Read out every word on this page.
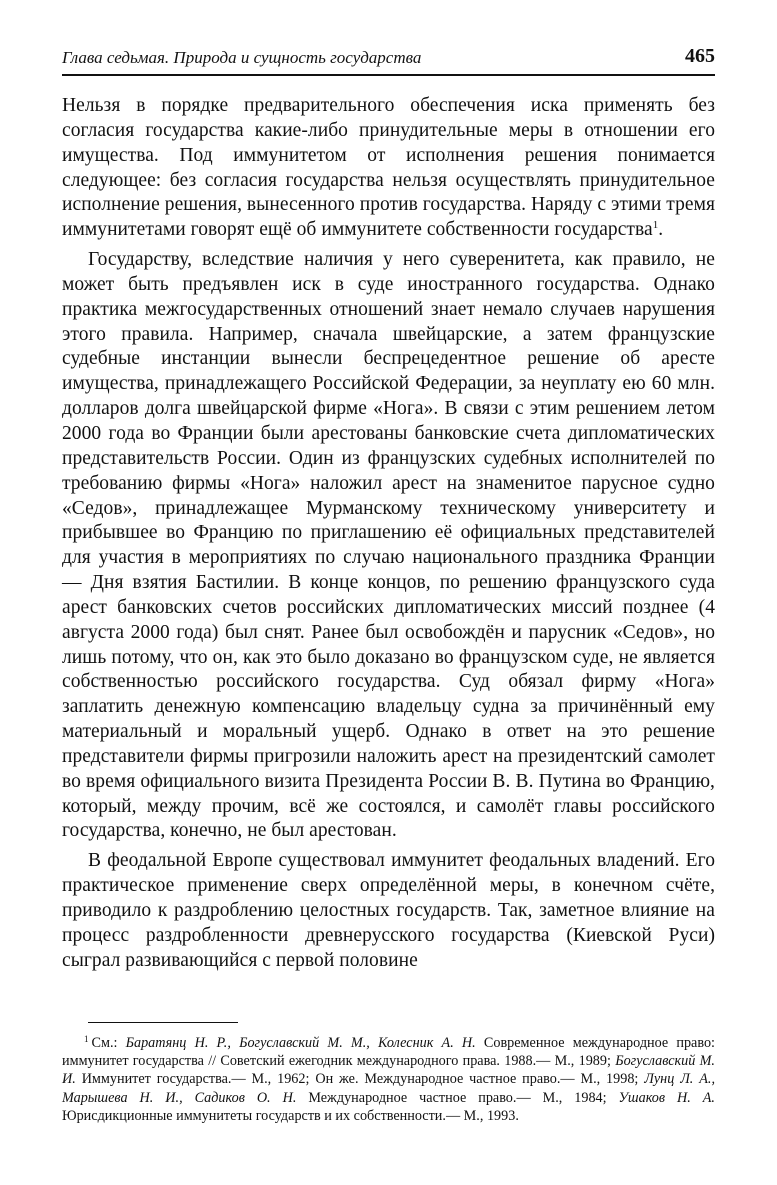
Глава седьмая. Природа и сущность государства	465

Нельзя в порядке предварительного обеспечения иска применять без согласия государства какие-либо принудительные меры в отношении его имущества. Под иммунитетом от исполнения решения понимается следующее: без согласия государства нельзя осуществлять принудительное исполнение решения, вынесенного против государства. Наряду с этими тремя иммунитетами говорят ещё об иммунитете собственности государства$^1$.

Государству, вследствие наличия у него суверенитета, как правило, не может быть предъявлен иск в суде иностранного государства. Однако практика межгосударственных отношений знает немало случаев нарушения этого правила. Например, сначала швейцарские, а затем французские судебные инстанции вынесли беспрецедентное решение об аресте имущества, принадлежащего Российской Федерации, за неуплату ею 60 млн. долларов долга швейцарской фирме «Нога». В связи с этим решением летом 2000 года во Франции были арестованы банковские счета дипломатических представительств России. Один из французских судебных исполнителей по требованию фирмы «Нога» наложил арест на знаменитое парусное судно «Седов», принадлежащее Мурманскому техническому университету и прибывшее во Францию по приглашению её официальных представителей для участия в мероприятиях по случаю национального праздника Франции — Дня взятия Бастилии. В конце концов, по решению французского суда арест банковских счетов российских дипломатических миссий позднее (4 августа 2000 года) был снят. Ранее был освобождён и парусник «Седов», но лишь потому, что он, как это было доказано во французском суде, не является собственностью российского государства. Суд обязал фирму «Нога» заплатить денежную компенсацию владельцу судна за причинённый ему материальный и моральный ущерб. Однако в ответ на это решение представители фирмы пригрозили наложить арест на президентский самолет во время официального визита Президента России В. В. Путина во Францию, который, между прочим, всё же состоялся, и самолёт главы российского государства, конечно, не был арестован.

В феодальной Европе существовал иммунитет феодальных владений. Его практическое применение сверх определённой меры, в конечном счёте, приводило к раздроблению целостных государств. Так, заметное влияние на процесс раздробленности древнерусского государства (Киевской Руси) сыграл развивающийся с первой половине

$^1$ См.: Баратянц Н. Р., Богуславский М. М., Колесник А. Н. Современное международное право: иммунитет государства // Советский ежегодник международного права. 1988.— М., 1989; Богуславский М. И. Иммунитет государства.— М., 1962; Он же. Международное частное право.— М., 1998; Лунц Л. А., Марышева Н. И., Садиков О. Н. Международное частное право.— М., 1984; Ушаков Н. А. Юрисдикционные иммунитеты государств и их собственности.— М., 1993.
